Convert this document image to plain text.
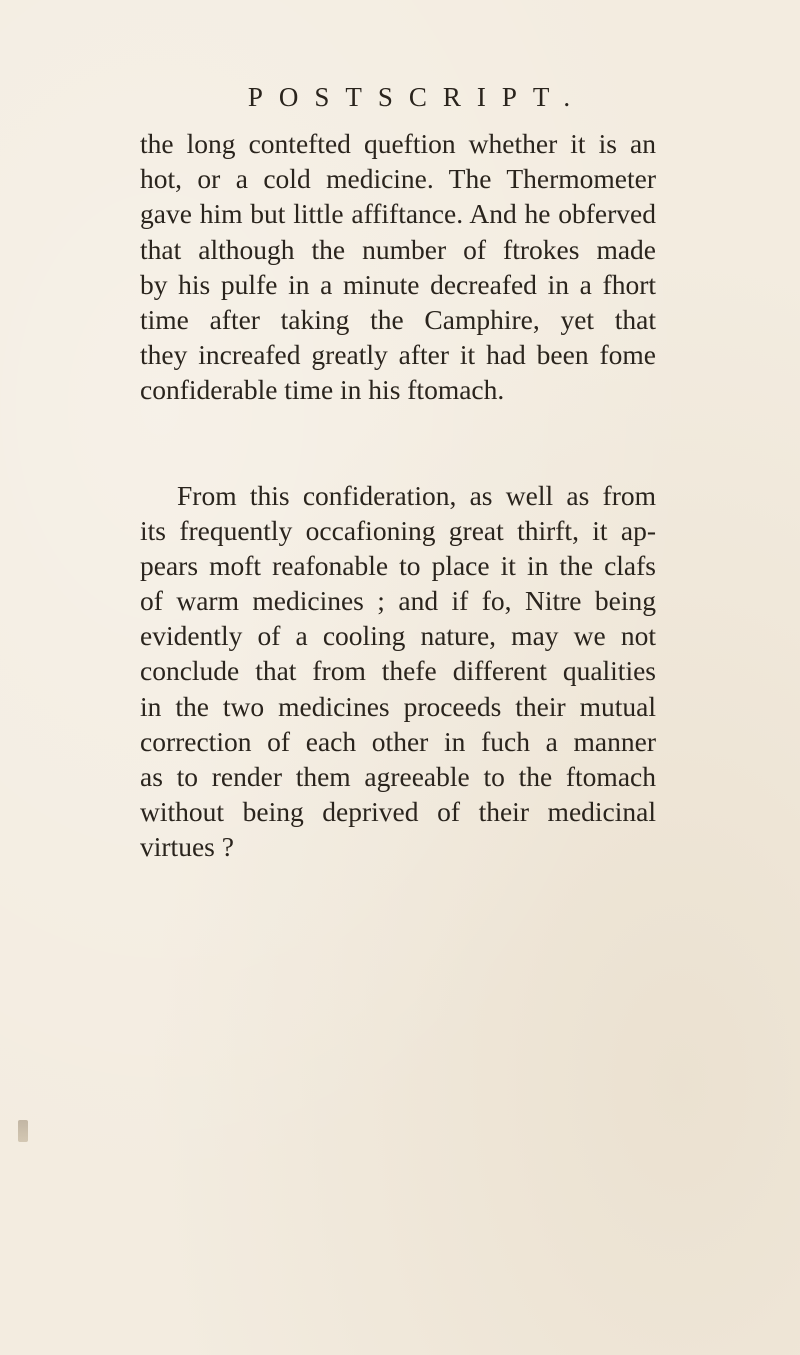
POSTSCRIPT.
the long contefted queftion whether it is an
hot, or a cold medicine. The Thermometer
gave him but little affiftance. And he obferved
that although the number of ftrokes made
by his pulfe in a minute decreafed in a fhort
time after taking the Camphire, yet that
they increafed greatly after it had been fome
confiderable time in his ftomach.
From this confideration, as well as from
its frequently occafioning great thirft, it ap-
pears moft reafonable to place it in the clafs
of warm medicines ; and if fo, Nitre being
evidently of a cooling nature, may we not
conclude that from thefe different qualities
in the two medicines proceeds their mutual
correction of each other in fuch a manner
as to render them agreeable to the ftomach
without being deprived of their medicinal
virtues ?
